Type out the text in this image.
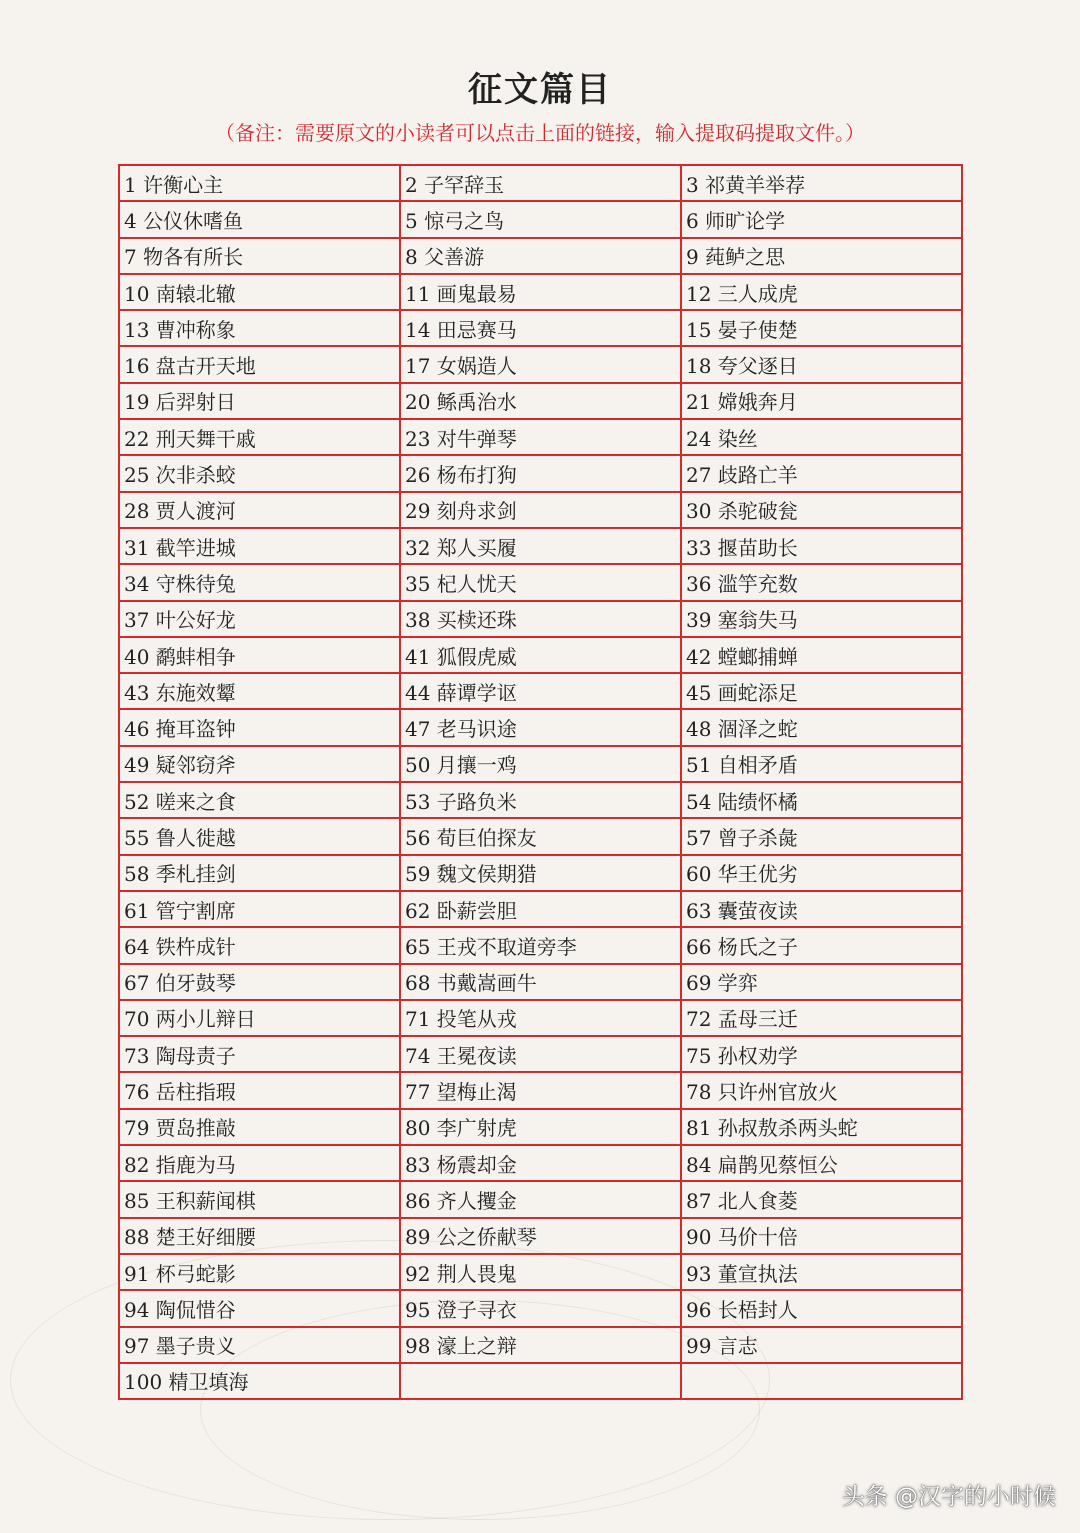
征文篇目
（备注：需要原文的小读者可以点击上面的链接，输入提取码提取文件。）
1 许衡心主	2 子罕辞玉	3 祁黄羊举荐
4 公仪休嗜鱼	5 惊弓之鸟	6 师旷论学
7 物各有所长	8 父善游	9 莼鲈之思
10 南辕北辙	11 画鬼最易	12 三人成虎
13 曹冲称象	14 田忌赛马	15 晏子使楚
16 盘古开天地	17 女娲造人	18 夸父逐日
19 后羿射日	20 鲧禹治水	21 嫦娥奔月
22 刑天舞干戚	23 对牛弹琴	24 染丝
25 次非杀蛟	26 杨布打狗	27 歧路亡羊
28 贾人渡河	29 刻舟求剑	30 杀驼破瓮
31 截竿进城	32 郑人买履	33 揠苗助长
34 守株待兔	35 杞人忧天	36 滥竽充数
37 叶公好龙	38 买椟还珠	39 塞翁失马
40 鹬蚌相争	41 狐假虎威	42 螳螂捕蝉
43 东施效颦	44 薛谭学讴	45 画蛇添足
46 掩耳盗钟	47 老马识途	48 涸泽之蛇
49 疑邻窃斧	50 月攘一鸡	51 自相矛盾
52 嗟来之食	53 子路负米	54 陆绩怀橘
55 鲁人徙越	56 荀巨伯探友	57 曾子杀彘
58 季札挂剑	59 魏文侯期猎	60 华王优劣
61 管宁割席	62 卧薪尝胆	63 囊萤夜读
64 铁杵成针	65 王戎不取道旁李	66 杨氏之子
67 伯牙鼓琴	68 书戴嵩画牛	69 学弈
70 两小儿辩日	71 投笔从戎	72 孟母三迁
73 陶母责子	74 王冕夜读	75 孙权劝学
76 岳柱指瑕	77 望梅止渴	78 只许州官放火
79 贾岛推敲	80 李广射虎	81 孙叔敖杀两头蛇
82 指鹿为马	83 杨震却金	84 扁鹊见蔡恒公
85 王积薪闻棋	86 齐人攫金	87 北人食菱
88 楚王好细腰	89 公之侨献琴	90 马价十倍
91 杯弓蛇影	92 荆人畏鬼	93 董宣执法
94 陶侃惜谷	95 澄子寻衣	96 长梧封人
97 墨子贵义	98 濠上之辩	99 言志
100 精卫填海		
头条 @汉字的小时候
